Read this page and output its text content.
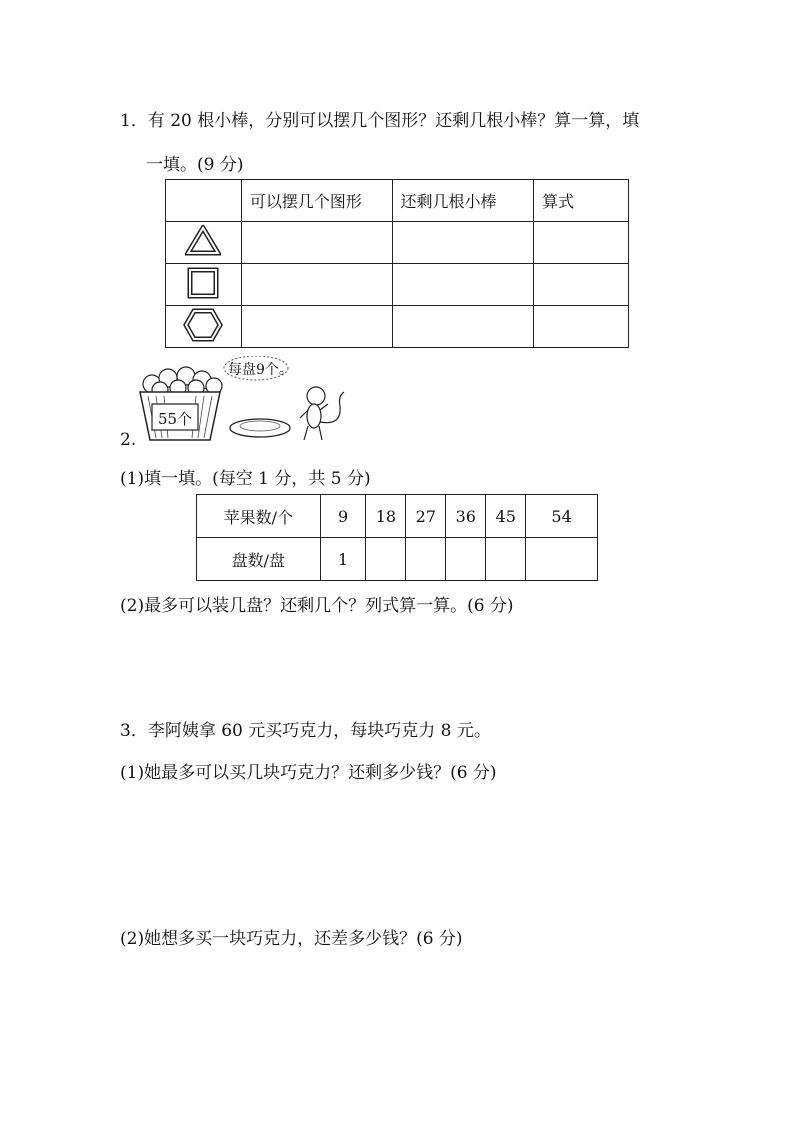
1．有 20 根小棒，分别可以摆几个图形？还剩几根小棒？算一算，填
一填。(9 分)
	可以摆几个图形	还剩几根小棒	算式

55个
每盘9个。
2.
(1)填一填。(每空 1 分，共 5 分)
苹果数/个	9	18	27	36	45	54
盘数/盘	1					
(2)最多可以装几盘？还剩几个？列式算一算。(6 分)
3．李阿姨拿 60 元买巧克力，每块巧克力 8 元。
(1)她最多可以买几块巧克力？还剩多少钱？(6 分)
(2)她想多买一块巧克力，还差多少钱？(6 分)
